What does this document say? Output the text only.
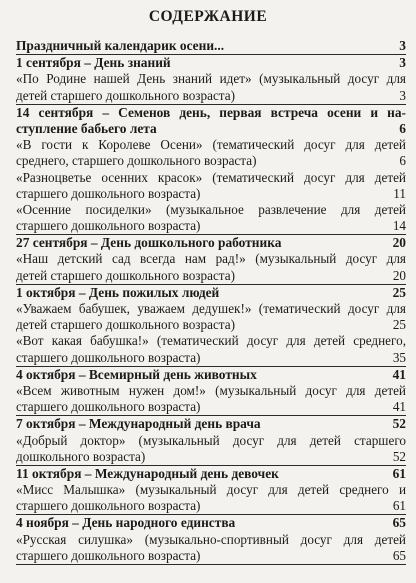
СОДЕРЖАНИЕ
Праздничный календарик осени...	3
1 сентября – День знаний	3
«По Родине нашей День знаний идет» (музыкальный досуг для
детей старшего дошкольного возраста)	3
14 сентября – Семенов день, первая встреча осени и на-
ступление бабьего лета	6
«В гости к Королеве Осени» (тематический досуг для детей
среднего, старшего дошкольного возраста)	6
«Разноцветье осенних красок» (тематический досуг для детей
старшего дошкольного возраста)	11
«Осенние посиделки» (музыкальное развлечение для детей
старшего дошкольного возраста)	14
27 сентября – День дошкольного работника	20
«Наш детский сад всегда нам рад!» (музыкальный досуг для
детей старшего дошкольного возраста)	20
1 октября – День пожилых людей	25
«Уважаем бабушек, уважаем дедушек!» (тематический досуг для
детей старшего дошкольного возраста)	25
«Вот какая бабушка!» (тематический досуг для детей среднего,
старшего дошкольного возраста)	35
4 октября – Всемирный день животных	41
«Всем животным нужен дом!» (музыкальный досуг для детей
старшего дошкольного возраста)	41
7 октября – Международный день врача	52
«Добрый доктор» (музыкальный досуг для детей старшего
дошкольного возраста)	52
11 октября – Международный день девочек	61
«Мисс Малышка» (музыкальный досуг для детей среднего и
старшего дошкольного возраста)	61
4 ноября – День народного единства	65
«Русская силушка» (музыкально-спортивный досуг для детей
старшего дошкольного возраста)	65
